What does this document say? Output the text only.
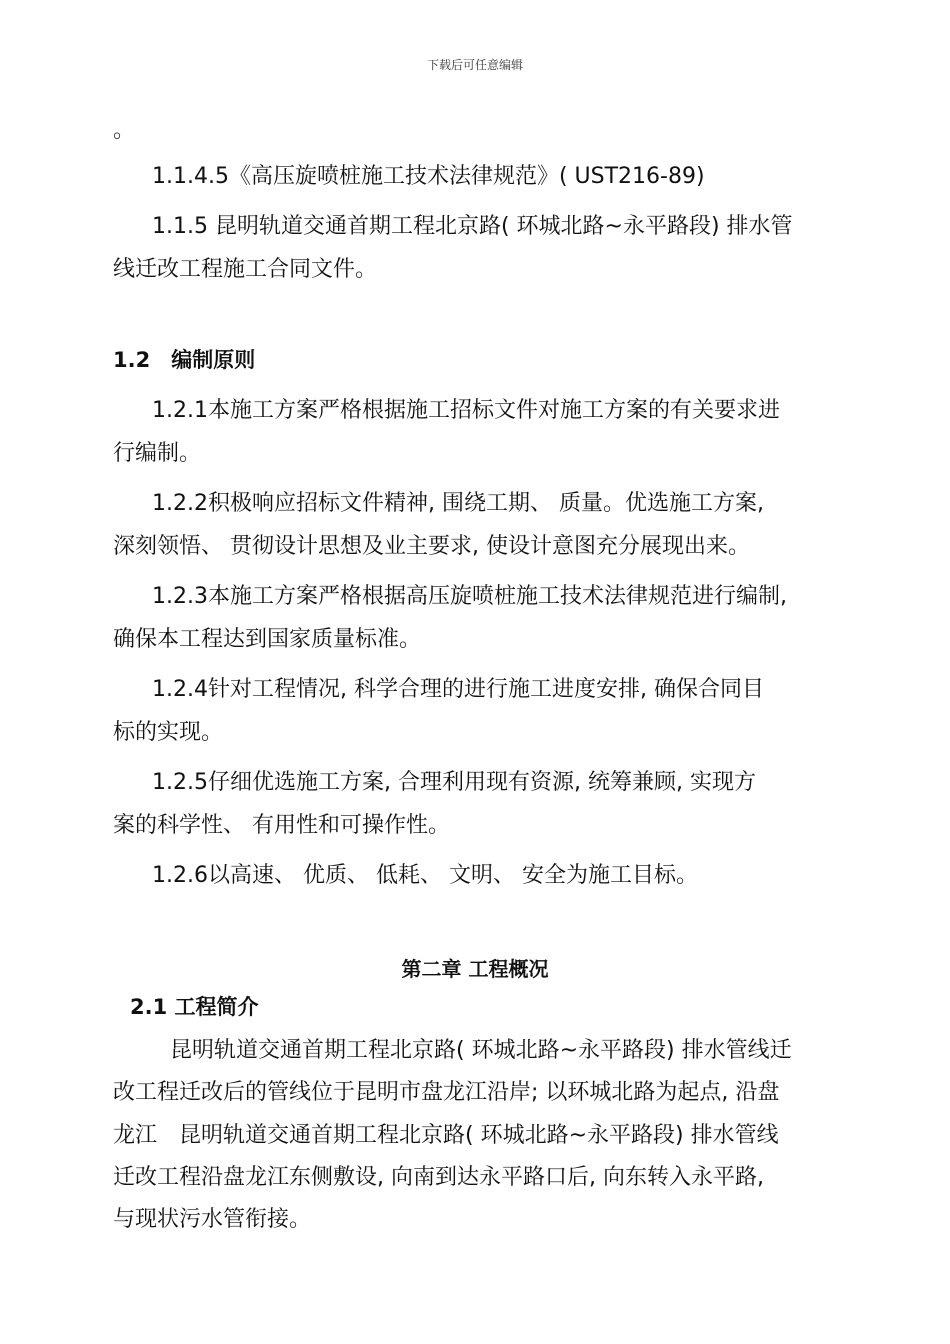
下载后可任意编辑
。
1.1.4.5《高压旋喷桩施工技术法律规范》( UST216-89)
1.1.5 昆明轨道交通首期工程北京路( 环城北路~永平路段) 排水管
线迁改工程施工合同文件。
1.2　编制原则
1.2.1本施工方案严格根据施工招标文件对施工方案的有关要求进
行编制。
1.2.2积极响应招标文件精神, 围绕工期、 质量。优选施工方案,
深刻领悟、 贯彻设计思想及业主要求, 使设计意图充分展现出来。
1.2.3本施工方案严格根据高压旋喷桩施工技术法律规范进行编制,
确保本工程达到国家质量标准。
1.2.4针对工程情况, 科学合理的进行施工进度安排, 确保合同目
标的实现。
1.2.5仔细优选施工方案, 合理利用现有资源, 统筹兼顾, 实现方
案的科学性、 有用性和可操作性。
1.2.6以高速、 优质、 低耗、 文明、 安全为施工目标。
第二章 工程概况
2.1 工程简介
昆明轨道交通首期工程北京路( 环城北路~永平路段) 排水管线迁
改工程迁改后的管线位于昆明市盘龙江沿岸; 以环城北路为起点, 沿盘
龙江　昆明轨道交通首期工程北京路( 环城北路~永平路段) 排水管线
迁改工程沿盘龙江东侧敷设, 向南到达永平路口后, 向东转入永平路,
与现状污水管衔接。
